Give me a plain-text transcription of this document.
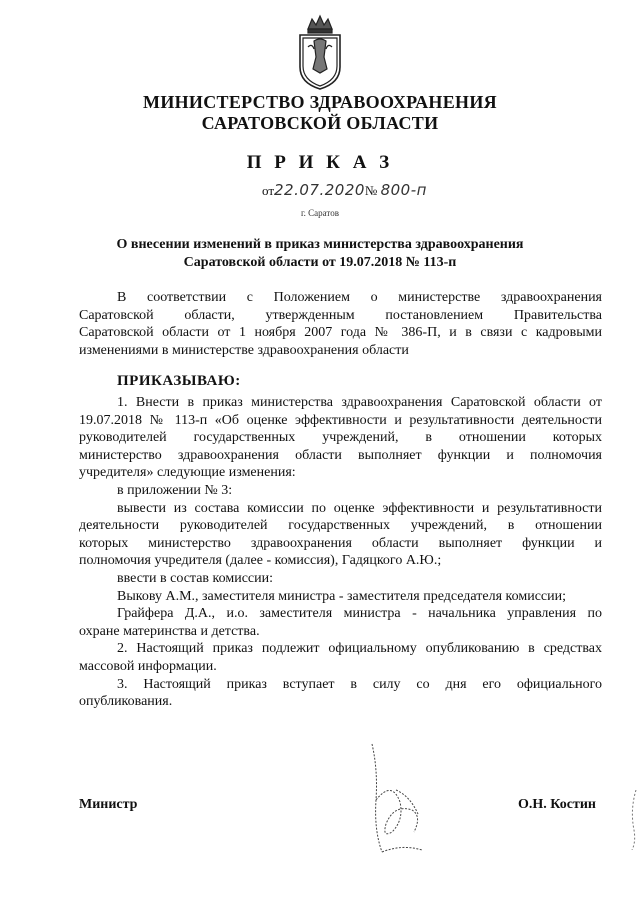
МИНИСТЕРСТВО ЗДРАВООХРАНЕНИЯ
САРАТОВСКОЙ ОБЛАСТИ
П Р И К А З
от22.07.2020№ 800-п
г. Саратов
О внесении изменений в приказ министерства здравоохранения
Саратовской области от 19.07.2018 № 113-п
В соответствии с Положением о министерстве здравоохранения
Саратовской области, утвержденным постановлением Правительства
Саратовской области от 1 ноября 2007 года № 386-П, и в связи с кадровыми
изменениями в министерстве здравоохранения области
ПРИКАЗЫВАЮ:
1. Внести в приказ министерства здравоохранения Саратовской области от
19.07.2018 № 113-п «Об оценке эффективности и результативности деятельности
руководителей государственных учреждений, в отношении которых
министерство здравоохранения области выполняет функции и полномочия
учредителя» следующие изменения:
в приложении № 3:
вывести из состава комиссии по оценке эффективности и результативности
деятельности руководителей государственных учреждений, в отношении
которых министерство здравоохранения области выполняет функции и
полномочия учредителя (далее - комиссия), Гадяцкого А.Ю.;
ввести в состав комиссии:
Выкову А.М., заместителя министра - заместителя председателя комиссии;
Грайфера Д.А., и.о. заместителя министра - начальника управления по
охране материнства и детства.
2. Настоящий приказ подлежит официальному опубликованию в средствах
массовой информации.
3. Настоящий приказ вступает в силу со дня его официального
опубликования.
Министр	О.Н. Костин
